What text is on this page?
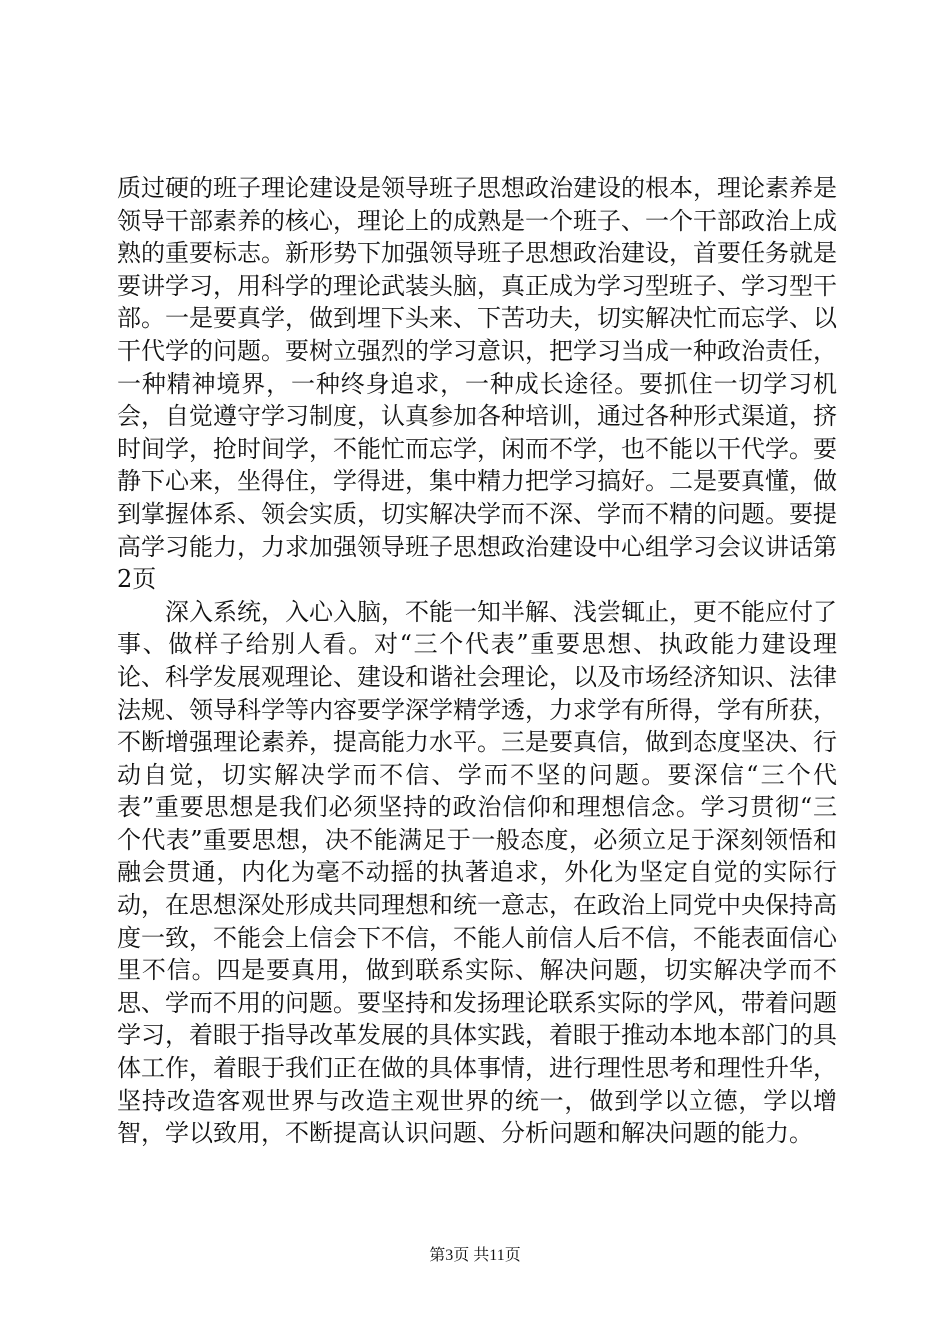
质过硬的班子理论建设是领导班子思想政治建设的根本，理论素养是领导干部素养的核心，理论上的成熟是一个班子、一个干部政治上成熟的重要标志。新形势下加强领导班子思想政治建设，首要任务就是要讲学习，用科学的理论武装头脑，真正成为学习型班子、学习型干部。一是要真学，做到埋下头来、下苦功夫，切实解决忙而忘学、以干代学的问题。要树立强烈的学习意识，把学习当成一种政治责任，一种精神境界，一种终身追求，一种成长途径。要抓住一切学习机会，自觉遵守学习制度，认真参加各种培训，通过各种形式渠道，挤时间学，抢时间学，不能忙而忘学，闲而不学，也不能以干代学。要静下心来，坐得住，学得进，集中精力把学习搞好。二是要真懂，做到掌握体系、领会实质，切实解决学而不深、学而不精的问题。要提高学习能力，力求加强领导班子思想政治建设中心组学习会议讲话第2页

深入系统，入心入脑，不能一知半解、浅尝辄止，更不能应付了事、做样子给别人看。对“三个代表”重要思想、执政能力建设理论、科学发展观理论、建设和谐社会理论，以及市场经济知识、法律法规、领导科学等内容要学深学精学透，力求学有所得，学有所获，不断增强理论素养，提高能力水平。三是要真信，做到态度坚决、行动自觉，切实解决学而不信、学而不坚的问题。要深信“三个代表”重要思想是我们必须坚持的政治信仰和理想信念。学习贯彻“三个代表”重要思想，决不能满足于一般态度，必须立足于深刻领悟和融会贯通，内化为毫不动摇的执著追求，外化为坚定自觉的实际行动，在思想深处形成共同理想和统一意志，在政治上同党中央保持高度一致，不能会上信会下不信，不能人前信人后不信，不能表面信心里不信。四是要真用，做到联系实际、解决问题，切实解决学而不思、学而不用的问题。要坚持和发扬理论联系实际的学风，带着问题学习，着眼于指导改革发展的具体实践，着眼于推动本地本部门的具体工作，着眼于我们正在做的具体事情，进行理性思考和理性升华，坚持改造客观世界与改造主观世界的统一，做到学以立德，学以增智，学以致用，不断提高认识问题、分析问题和解决问题的能力。

第3页 共11页
